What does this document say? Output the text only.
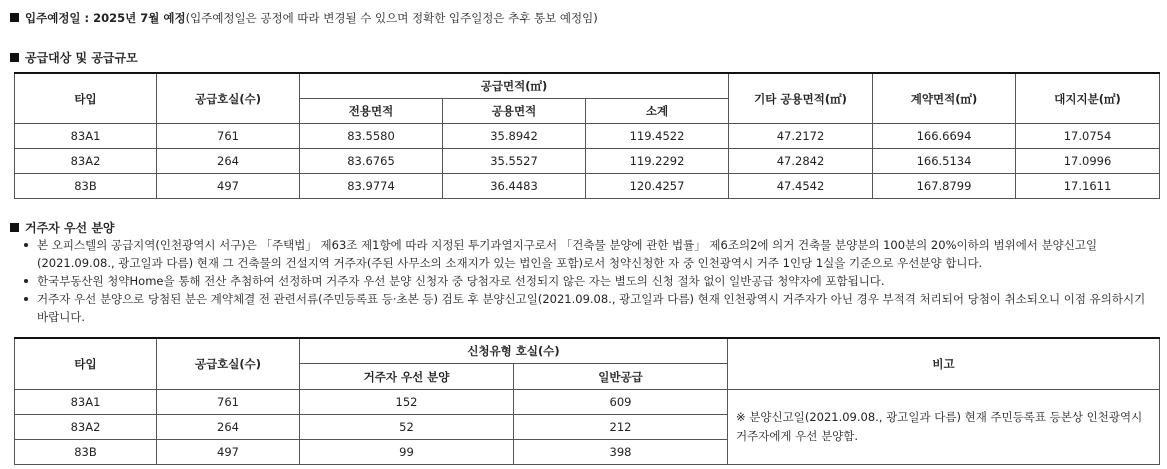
입주예정일 : 2025년 7월 예정(입주예정일은 공정에 따라 변경될 수 있으며 정확한 입주일정은 추후 통보 예정임)
공급대상 및 공급규모
타입	공급호실(수)	공급면적(㎡)			기타 공용면적(㎡)	계약면적(㎡)	대지지분(㎡)
		전용면적	공용면적	소계			
83A1	761	83.5580	35.8942	119.4522	47.2172	166.6694	17.0754
83A2	264	83.6765	35.5527	119.2292	47.2842	166.5134	17.0996
83B	497	83.9774	36.4483	120.4257	47.4542	167.8799	17.1611
거주자 우선 분양
본 오피스텔의 공급지역(인천광역시 서구)은 「주택법」 제63조 제1항에 따라 지정된 투기과열지구로서 「건축물 분양에 관한 법률」 제6조의2에 의거 건축물 분양분의 100분의 20%이하의 범위에서 분양신고일(2021.09.08., 광고일과 다름) 현재 그 건축물의 건설지역 거주자(주된 사무소의 소재지가 있는 법인을 포함)로서 청약신청한 자 중 인천광역시 거주 1인당 1실을 기준으로 우선분양 합니다.
한국부동산원 청약Home을 통해 전산 추첨하여 선정하며 거주자 우선 분양 신청자 중 당첨자로 선정되지 않은 자는 별도의 신청 절차 없이 일반공급 청약자에 포함됩니다.
거주자 우선 분양으로 당첨된 분은 계약체결 전 관련서류(주민등록표 등·초본 등) 검토 후 분양신고일(2021.09.08., 광고일과 다름) 현재 인천광역시 거주자가 아닌 경우 부적격 처리되어 당첨이 취소되오니 이점 유의하시기 바랍니다.
타입	공급호실(수)	신청유형 호실(수)		비고
		거주자 우선 분양	일반공급	
83A1	761	152	609	※ 분양신고일(2021.09.08., 광고일과 다름) 현재 주민등록표 등본상 인천광역시 거주자에게 우선 분양함.
83A2	264	52	212	
83B	497	99	398	
